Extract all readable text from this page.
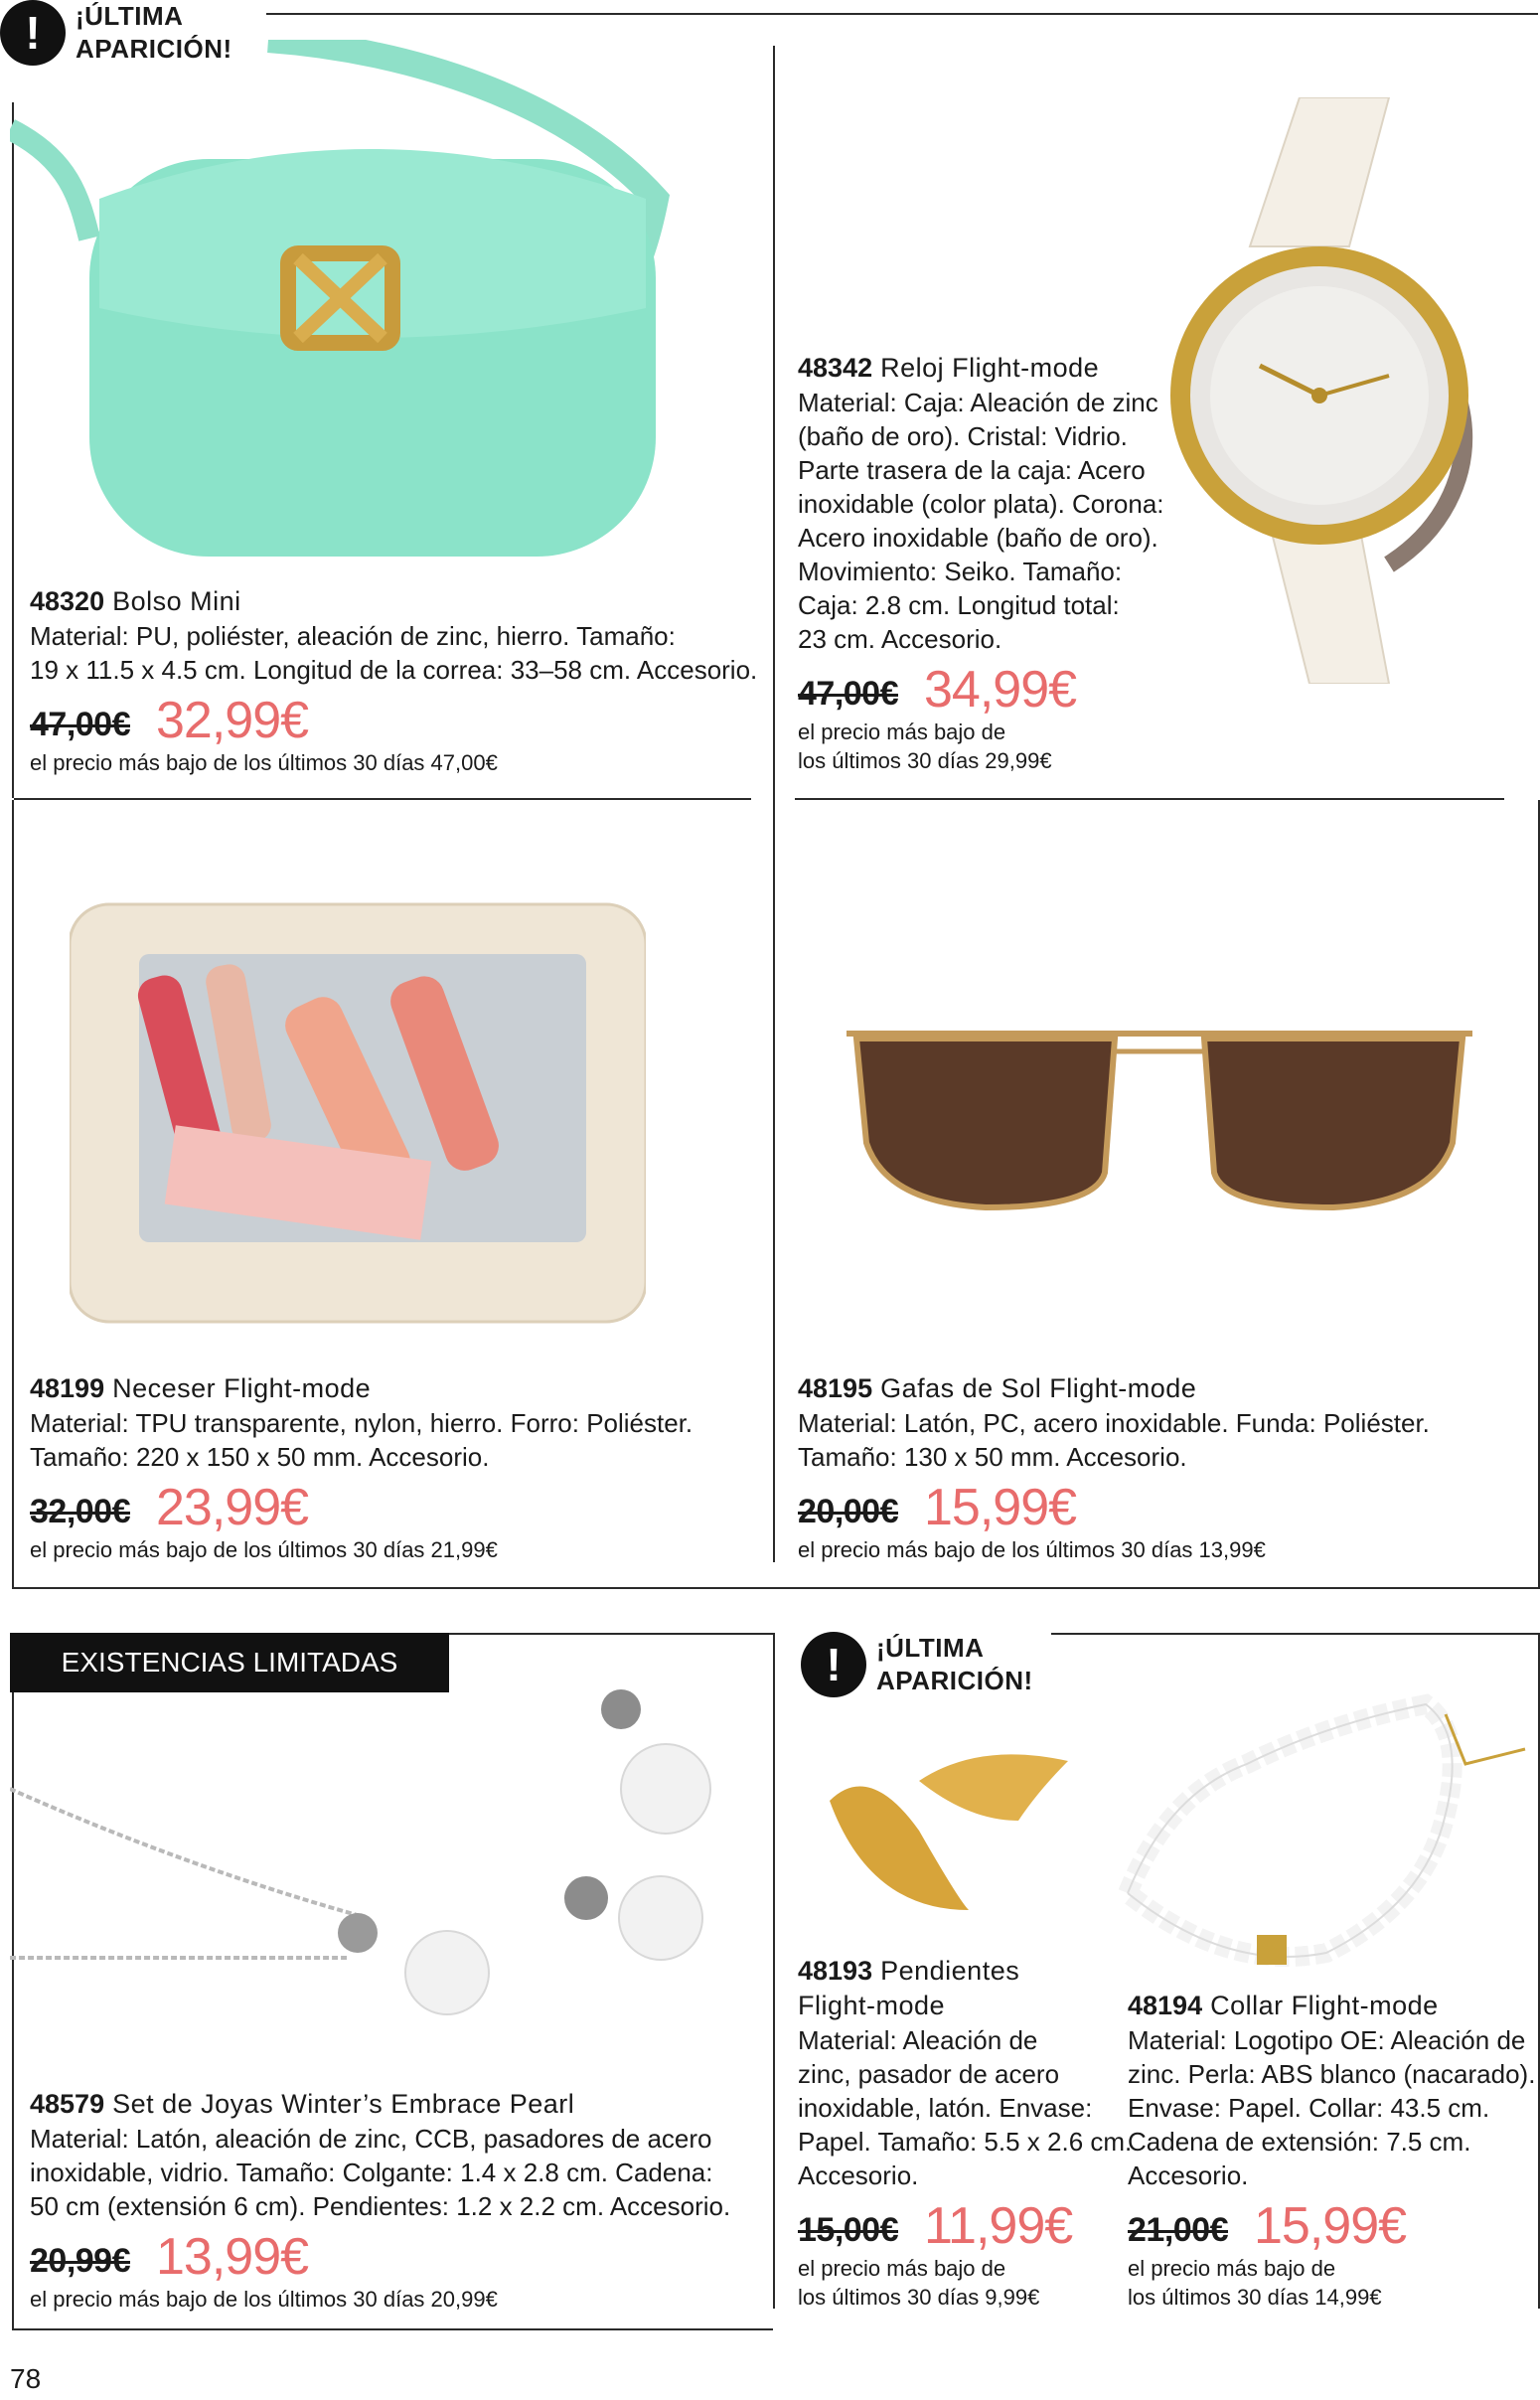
!	¡ÚLTIMA
APARICIÓN!
!	¡ÚLTIMA
APARICIÓN!
EXISTENCIAS LIMITADAS
48320 Bolso Mini
Material: PU, poliéster, aleación de zinc, hierro. Tamaño:
19 x 11.5 x 4.5 cm. Longitud de la correa: 33–58 cm. Accesorio.
47,00€ 32,99€
el precio más bajo de los últimos 30 días 47,00€
48342 Reloj Flight-mode
Material: Caja: Aleación de zinc
(baño de oro). Cristal: Vidrio.
Parte trasera de la caja: Acero
inoxidable (color plata). Corona:
Acero inoxidable (baño de oro).
Movimiento: Seiko. Tamaño:
Caja: 2.8 cm. Longitud total:
23 cm. Accesorio.
47,00€ 34,99€
el precio más bajo de
los últimos 30 días 29,99€
48199 Neceser Flight-mode
Material: TPU transparente, nylon, hierro. Forro: Poliéster.
Tamaño: 220 x 150 x 50 mm. Accesorio.
32,00€ 23,99€
el precio más bajo de los últimos 30 días 21,99€
48195 Gafas de Sol Flight-mode
Material: Latón, PC, acero inoxidable. Funda: Poliéster.
Tamaño: 130 x 50 mm. Accesorio.
20,00€ 15,99€
el precio más bajo de los últimos 30 días 13,99€
48579 Set de Joyas Winter’s Embrace Pearl
Material: Latón, aleación de zinc, CCB, pasadores de acero
inoxidable, vidrio. Tamaño: Colgante: 1.4 x 2.8 cm. Cadena:
50 cm (extensión 6 cm). Pendientes: 1.2 x 2.2 cm. Accesorio.
20,99€ 13,99€
el precio más bajo de los últimos 30 días 20,99€
48193 Pendientes
Flight-mode
Material: Aleación de
zinc, pasador de acero
inoxidable, latón. Envase:
Papel. Tamaño: 5.5 x 2.6 cm.
Accesorio.
15,00€ 11,99€
el precio más bajo de
los últimos 30 días 9,99€
48194 Collar Flight-mode
Material: Logotipo OE: Aleación de
zinc. Perla: ABS blanco (nacarado).
Envase: Papel. Collar: 43.5 cm.
Cadena de extensión: 7.5 cm.
Accesorio.
21,00€ 15,99€
el precio más bajo de
los últimos 30 días 14,99€
78
